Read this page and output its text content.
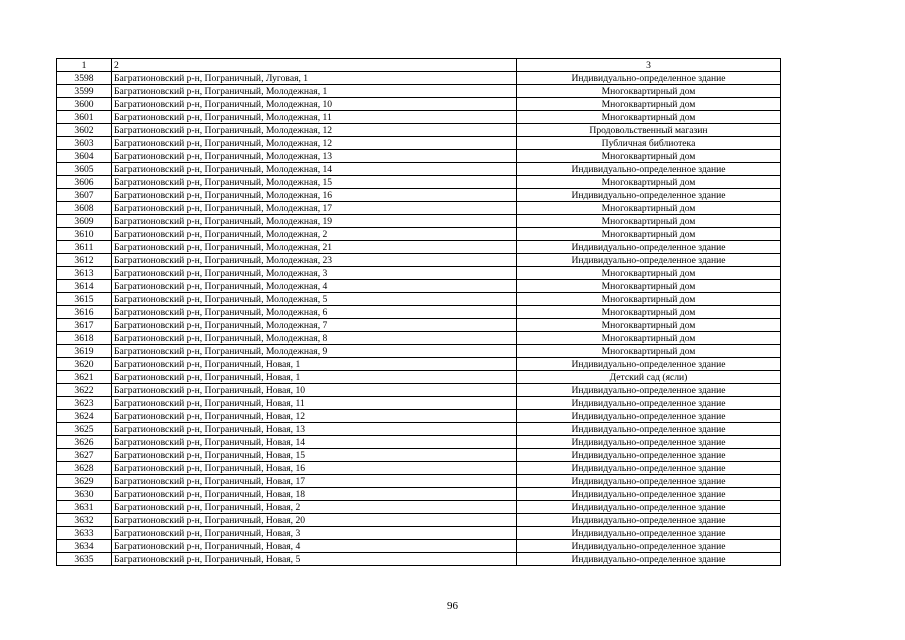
1	2	3
3598	Багратионовский р-н, Пограничный, Луговая, 1	Индивидуально-определенное здание
3599	Багратионовский р-н, Пограничный, Молодежная, 1	Многоквартирный дом
3600	Багратионовский р-н, Пограничный, Молодежная, 10	Многоквартирный дом
3601	Багратионовский р-н, Пограничный, Молодежная, 11	Многоквартирный дом
3602	Багратионовский р-н, Пограничный, Молодежная, 12	Продовольственный магазин
3603	Багратионовский р-н, Пограничный, Молодежная, 12	Публичная библиотека
3604	Багратионовский р-н, Пограничный, Молодежная, 13	Многоквартирный дом
3605	Багратионовский р-н, Пограничный, Молодежная, 14	Индивидуально-определенное здание
3606	Багратионовский р-н, Пограничный, Молодежная, 15	Многоквартирный дом
3607	Багратионовский р-н, Пограничный, Молодежная, 16	Индивидуально-определенное здание
3608	Багратионовский р-н, Пограничный, Молодежная, 17	Многоквартирный дом
3609	Багратионовский р-н, Пограничный, Молодежная, 19	Многоквартирный дом
3610	Багратионовский р-н, Пограничный, Молодежная, 2	Многоквартирный дом
3611	Багратионовский р-н, Пограничный, Молодежная, 21	Индивидуально-определенное здание
3612	Багратионовский р-н, Пограничный, Молодежная, 23	Индивидуально-определенное здание
3613	Багратионовский р-н, Пограничный, Молодежная, 3	Многоквартирный дом
3614	Багратионовский р-н, Пограничный, Молодежная, 4	Многоквартирный дом
3615	Багратионовский р-н, Пограничный, Молодежная, 5	Многоквартирный дом
3616	Багратионовский р-н, Пограничный, Молодежная, 6	Многоквартирный дом
3617	Багратионовский р-н, Пограничный, Молодежная, 7	Многоквартирный дом
3618	Багратионовский р-н, Пограничный, Молодежная, 8	Многоквартирный дом
3619	Багратионовский р-н, Пограничный, Молодежная, 9	Многоквартирный дом
3620	Багратионовский р-н, Пограничный, Новая, 1	Индивидуально-определенное здание
3621	Багратионовский р-н, Пограничный, Новая, 1	Детский сад (ясли)
3622	Багратионовский р-н, Пограничный, Новая, 10	Индивидуально-определенное здание
3623	Багратионовский р-н, Пограничный, Новая, 11	Индивидуально-определенное здание
3624	Багратионовский р-н, Пограничный, Новая, 12	Индивидуально-определенное здание
3625	Багратионовский р-н, Пограничный, Новая, 13	Индивидуально-определенное здание
3626	Багратионовский р-н, Пограничный, Новая, 14	Индивидуально-определенное здание
3627	Багратионовский р-н, Пограничный, Новая, 15	Индивидуально-определенное здание
3628	Багратионовский р-н, Пограничный, Новая, 16	Индивидуально-определенное здание
3629	Багратионовский р-н, Пограничный, Новая, 17	Индивидуально-определенное здание
3630	Багратионовский р-н, Пограничный, Новая, 18	Индивидуально-определенное здание
3631	Багратионовский р-н, Пограничный, Новая, 2	Индивидуально-определенное здание
3632	Багратионовский р-н, Пограничный, Новая, 20	Индивидуально-определенное здание
3633	Багратионовский р-н, Пограничный, Новая, 3	Индивидуально-определенное здание
3634	Багратионовский р-н, Пограничный, Новая, 4	Индивидуально-определенное здание
3635	Багратионовский р-н, Пограничный, Новая, 5	Индивидуально-определенное здание
96
